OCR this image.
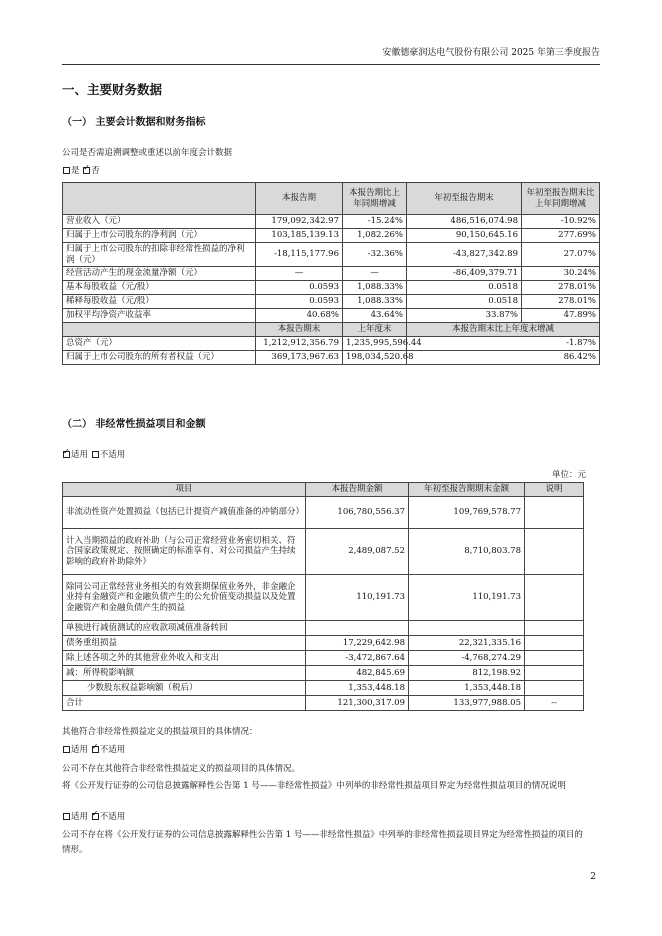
安徽德豪润达电气股份有限公司 2025 年第三季度报告
一、主要财务数据
（一） 主要会计数据和财务指标
公司是否需追溯调整或重述以前年度会计数据
是 ✓ 否
	本报告期	本报告期比上年同期增减	年初至报告期末	年初至报告期末比上年同期增减
营业收入（元）	179,092,342.97	-15.24%	486,516,074.98	-10.92%
归属于上市公司股东的净利润（元）	103,185,139.13	1,082.26%	90,150,645.16	277.69%
归属于上市公司股东的扣除非经常性损益的净利润（元）	-18,115,177.96	-32.36%	-43,827,342.89	27.07%
经营活动产生的现金流量净额（元）	—	—	-86,409,379.71	30.24%
基本每股收益（元/股）	0.0593	1,088.33%	0.0518	278.01%
稀释每股收益（元/股）	0.0593	1,088.33%	0.0518	278.01%
加权平均净资产收益率	40.68%	43.64%	33.87%	47.89%
	本报告期末	上年度末	本报告期末比上年度末增减	
总资产（元）	1,212,912,356.79	1,235,995,596.44	-1.87%	
归属于上市公司股东的所有者权益（元）	369,173,967.63	198,034,520.68	86.42%	
（二） 非经常性损益项目和金额
✓适用 不适用
单位：元
项目	本报告期金额	年初至报告期期末金额	说明
非流动性资产处置损益（包括已计提资产减值准备的冲销部分）	106,780,556.37	109,769,578.77	
计入当期损益的政府补助（与公司正常经营业务密切相关、符合国家政策规定、按照确定的标准享有、对公司损益产生持续影响的政府补助除外）	2,489,087.52	8,710,803.78	
除同公司正常经营业务相关的有效套期保值业务外，非金融企业持有金融资产和金融负债产生的公允价值变动损益以及处置金融资产和金融负债产生的损益	110,191.73	110,191.73	
单独进行减值测试的应收款项减值准备转回			
债务重组损益	17,229,642.98	22,321,335.16	
除上述各项之外的其他营业外收入和支出	-3,472,867.64	-4,768,274.29	
减：所得税影响额	482,845.69	812,198.92	
少数股东权益影响额（税后）	1,353,448.18	1,353,448.18	
合计	121,300,317.09	133,977,988.05	--
其他符合非经常性损益定义的损益项目的具体情况：
适用 ✓ 不适用
公司不存在其他符合非经常性损益定义的损益项目的具体情况。
将《公开发行证券的公司信息披露解释性公告第 1 号——非经常性损益》中列举的非经常性损益项目界定为经常性损益项目的情况说明
适用 ✓ 不适用
公司不存在将《公开发行证券的公司信息披露解释性公告第 1 号——非经常性损益》中列举的非经常性损益项目界定为经常性损益的项目的情形。
2
